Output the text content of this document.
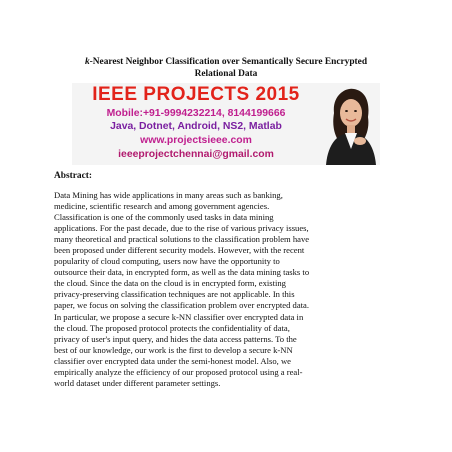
k-Nearest Neighbor Classification over Semantically Secure Encrypted
Relational Data
IEEE PROJECTS 2015
Mobile:+91-9994232214, 8144199666
Java, Dotnet, Android, NS2, Matlab
www.projectsieee.com
ieeeprojectchennai@gmail.com
Abstract:
Data Mining has wide applications in many areas such as banking,
medicine, scientific research and among government agencies.
Classification is one of the commonly used tasks in data mining
applications. For the past decade, due to the rise of various privacy issues,
many theoretical and practical solutions to the classification problem have
been proposed under different security models. However, with the recent
popularity of cloud computing, users now have the opportunity to
outsource their data, in encrypted form, as well as the data mining tasks to
the cloud. Since the data on the cloud is in encrypted form, existing
privacy-preserving classification techniques are not applicable. In this
paper, we focus on solving the classification problem over encrypted data.
In particular, we propose a secure k-NN classifier over encrypted data in
the cloud. The proposed protocol protects the confidentiality of data,
privacy of user's input query, and hides the data access patterns. To the
best of our knowledge, our work is the first to develop a secure k-NN
classifier over encrypted data under the semi-honest model. Also, we
empirically analyze the efficiency of our proposed protocol using a real-
world dataset under different parameter settings.
